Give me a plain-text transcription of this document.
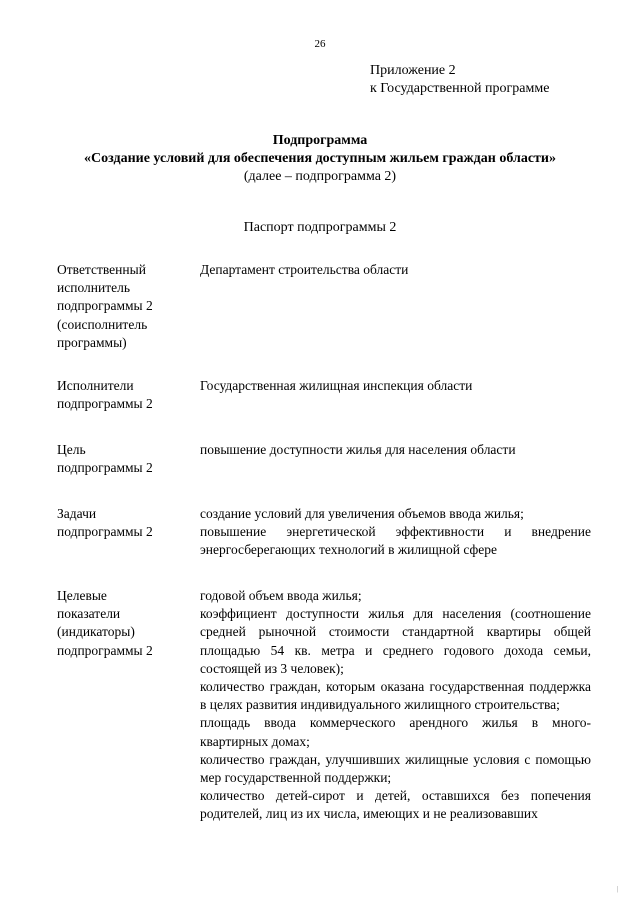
26
Приложение 2
к Государственной программе
Подпрограмма
«Создание условий для обеспечения доступным жильем граждан области»
(далее – подпрограмма 2)
Паспорт подпрограммы 2
Ответственный
исполнитель
подпрограммы 2
(соисполнитель
программы)

Департамент строительства области

Исполнители
подпрограммы 2

Государственная жилищная инспекция области

Цель
подпрограммы 2

повышение доступности жилья для населения области

Задачи
подпрограммы 2

создание условий для увеличения объемов ввода жилья;

повышение энергетической эффективности и внедрение энергосберегающих технологий в жилищной сфере

Целевые
показатели
(индикаторы)
подпрограммы 2

годовой объем ввода жилья;

коэффициент доступности жилья для населения (соотношение средней рыночной стоимости стандартной квартиры общей площадью 54 кв. метра и среднего годового дохода семьи, состоящей из 3 человек);

количество граждан, которым оказана государственная поддержка в целях развития индивидуального жилищного строительства;

площадь ввода коммерческого арендного жилья в много-квартирных домах;

количество граждан, улучшивших жилищные условия с помощью мер государственной поддержки;

количество детей-сирот и детей, оставшихся без попечения родителей, лиц из их числа, имеющих и не реализовавших

|
